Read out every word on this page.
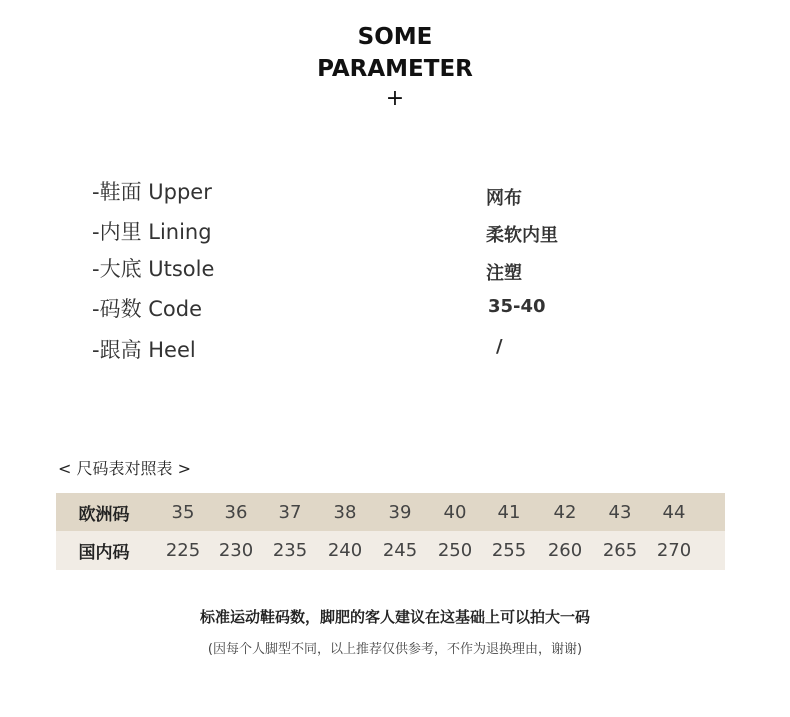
SOME
PARAMETER
+
-鞋面 Upper	网布
-内里 Lining	柔软内里
-大底 Utsole	注塑
-码数 Code	35-40
-跟高 Heel	/
< 尺码表对照表 >
欧洲码	35	36	37	38	39	40	41	42	43	44
国内码	225	230	235	240	245	250	255	260	265	270
标准运动鞋码数，脚肥的客人建议在这基础上可以拍大一码
(因每个人脚型不同，以上推荐仅供参考，不作为退换理由，谢谢)
